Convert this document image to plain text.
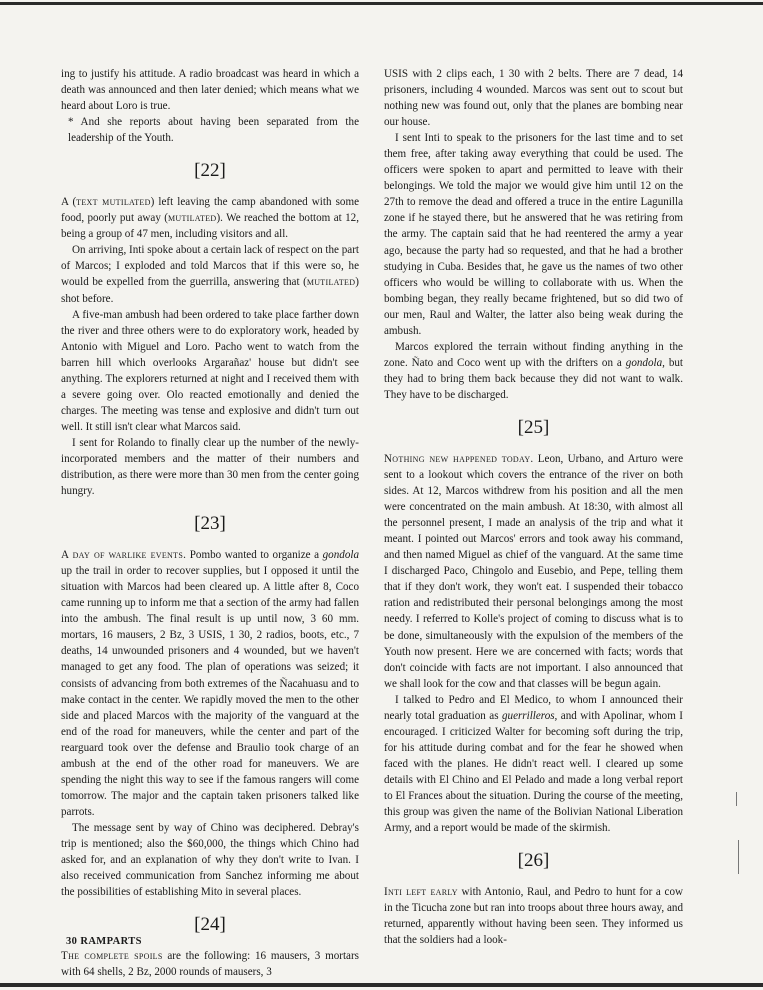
ing to justify his attitude. A radio broadcast was heard in which a death was announced and then later denied; which means what we heard about Loro is true.

* And she reports about having been separated from the leadership of the Youth.

[22]

A (text mutilated) left leaving the camp abandoned with some food, poorly put away (mutilated). We reached the bottom at 12, being a group of 47 men, including visitors and all.

On arriving, Inti spoke about a certain lack of respect on the part of Marcos; I exploded and told Marcos that if this were so, he would be expelled from the guerrilla, answering that (mutilated) shot before.

A five-man ambush had been ordered to take place farther down the river and three others were to do exploratory work, headed by Antonio with Miguel and Loro. Pacho went to watch from the barren hill which overlooks Argarañaz' house but didn't see anything. The explorers returned at night and I received them with a severe going over. Olo reacted emotionally and denied the charges. The meeting was tense and explosive and didn't turn out well. It still isn't clear what Marcos said.

I sent for Rolando to finally clear up the number of the newly-incorporated members and the matter of their numbers and distribution, as there were more than 30 men from the center going hungry.

[23]

A day of warlike events. Pombo wanted to organize a gondola up the trail in order to recover supplies, but I opposed it until the situation with Marcos had been cleared up. A little after 8, Coco came running up to inform me that a section of the army had fallen into the ambush. The final result is up until now, 3 60 mm. mortars, 16 mausers, 2 Bz, 3 USIS, 1 30, 2 radios, boots, etc., 7 deaths, 14 unwounded prisoners and 4 wounded, but we haven't managed to get any food. The plan of operations was seized; it consists of advancing from both extremes of the Ñacahuasu and to make contact in the center. We rapidly moved the men to the other side and placed Marcos with the majority of the vanguard at the end of the road for maneuvers, while the center and part of the rearguard took over the defense and Braulio took charge of an ambush at the end of the other road for maneuvers. We are spending the night this way to see if the famous rangers will come tomorrow. The major and the captain taken prisoners talked like parrots.

The message sent by way of Chino was deciphered. Debray's trip is mentioned; also the $60,000, the things which Chino had asked for, and an explanation of why they don't write to Ivan. I also received communication from Sanchez informing me about the possibilities of establishing Mito in several places.

[24]

The complete spoils are the following: 16 mausers, 3 mortars with 64 shells, 2 Bz, 2000 rounds of mausers, 3

USIS with 2 clips each, 1 30 with 2 belts. There are 7 dead, 14 prisoners, including 4 wounded. Marcos was sent out to scout but nothing new was found out, only that the planes are bombing near our house.

I sent Inti to speak to the prisoners for the last time and to set them free, after taking away everything that could be used. The officers were spoken to apart and permitted to leave with their belongings. We told the major we would give him until 12 on the 27th to remove the dead and offered a truce in the entire Lagunilla zone if he stayed there, but he answered that he was retiring from the army. The captain said that he had reentered the army a year ago, because the party had so requested, and that he had a brother studying in Cuba. Besides that, he gave us the names of two other officers who would be willing to collaborate with us. When the bombing began, they really became frightened, but so did two of our men, Raul and Walter, the latter also being weak during the ambush.

Marcos explored the terrain without finding anything in the zone. Ñato and Coco went up with the drifters on a gondola, but they had to bring them back because they did not want to walk. They have to be discharged.

[25]

Nothing new happened today. Leon, Urbano, and Arturo were sent to a lookout which covers the entrance of the river on both sides. At 12, Marcos withdrew from his position and all the men were concentrated on the main ambush. At 18:30, with almost all the personnel present, I made an analysis of the trip and what it meant. I pointed out Marcos' errors and took away his command, and then named Miguel as chief of the vanguard. At the same time I discharged Paco, Chingolo and Eusebio, and Pepe, telling them that if they don't work, they won't eat. I suspended their tobacco ration and redistributed their personal belongings among the most needy. I referred to Kolle's project of coming to discuss what is to be done, simultaneously with the expulsion of the members of the Youth now present. Here we are concerned with facts; words that don't coincide with facts are not important. I also announced that we shall look for the cow and that classes will be begun again.

I talked to Pedro and El Medico, to whom I announced their nearly total graduation as guerrilleros, and with Apolinar, whom I encouraged. I criticized Walter for becoming soft during the trip, for his attitude during combat and for the fear he showed when faced with the planes. He didn't react well. I cleared up some details with El Chino and El Pelado and made a long verbal report to El Frances about the situation. During the course of the meeting, this group was given the name of the Bolivian National Liberation Army, and a report would be made of the skirmish.

[26]

Inti left early with Antonio, Raul, and Pedro to hunt for a cow in the Ticucha zone but ran into troops about three hours away, and returned, apparently without having been seen. They informed us that the soldiers had a look-

30 RAMPARTS
